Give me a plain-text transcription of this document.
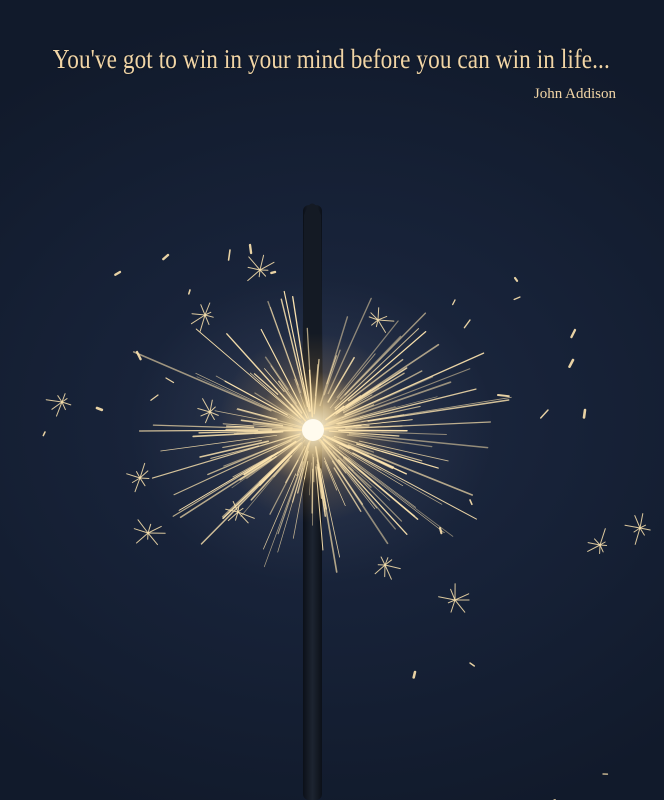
You've got to win in your mind before you can win in life...

John Addison
